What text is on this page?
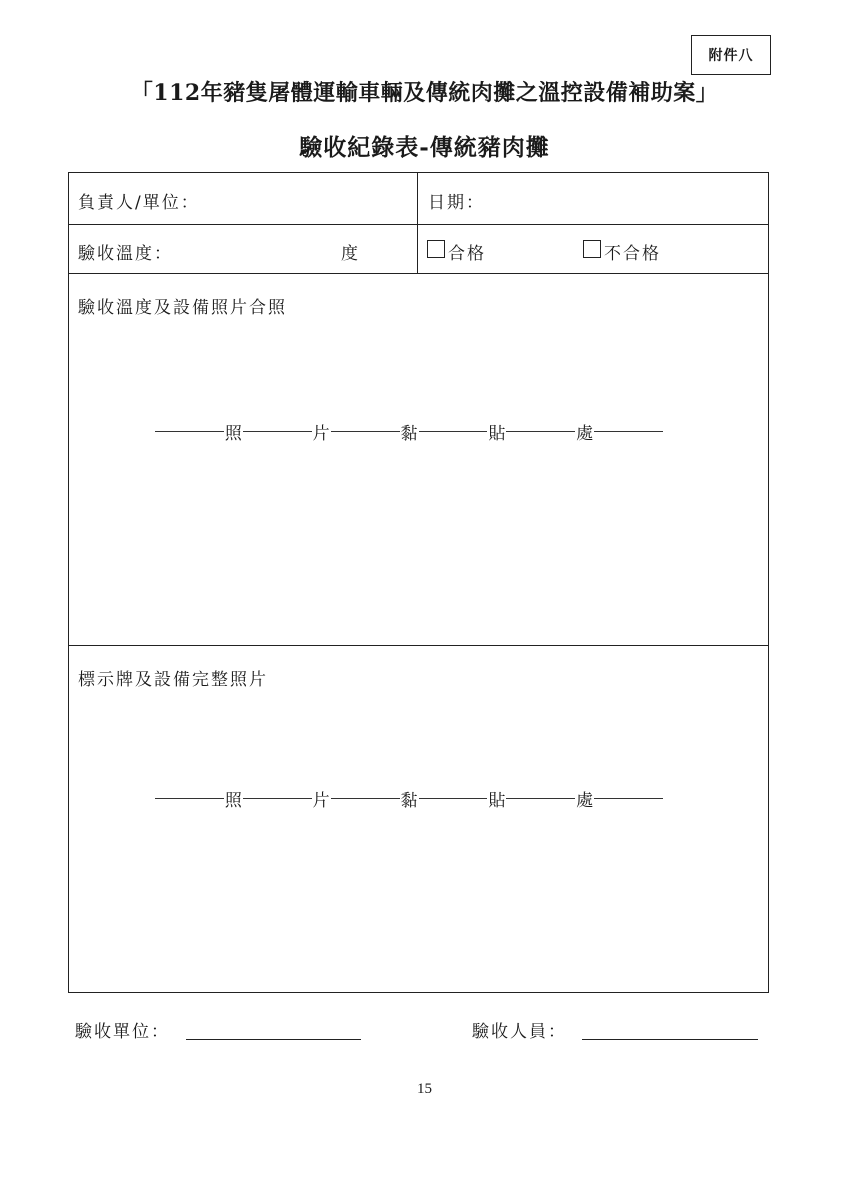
附件八
「112年豬隻屠體運輸車輛及傳統肉攤之溫控設備補助案」
驗收紀錄表-傳統豬肉攤
負責人/單位：	日期：
驗收溫度：	度	合格	不合格
驗收溫度及設備照片合照
照	片	黏	貼	處
標示牌及設備完整照片
照	片	黏	貼	處
驗收單位：	驗收人員：
15
